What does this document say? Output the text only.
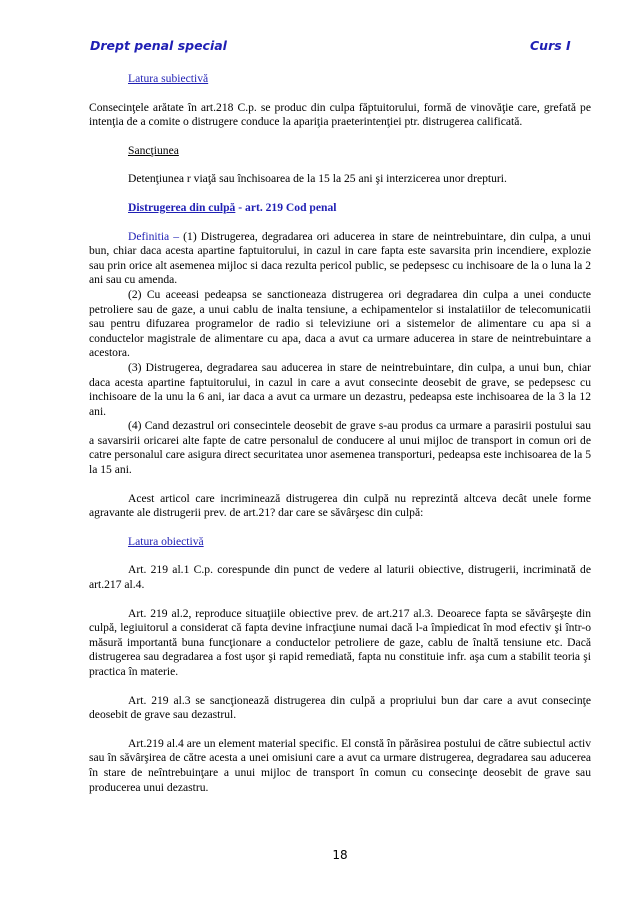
Drept penal special	Curs I

Latura subiectivă

Consecinţele arătate în art.218 C.p. se produc din culpa făptuitorului, formă de vinovăţie care, grefată pe intenţia de a comite o distrugere conduce la apariţia praeterintenţiei ptr. distrugerea calificată.

Sancţiunea

Detenţiunea r viaţă sau închisoarea de la 15 la 25 ani şi interzicerea unor drepturi.

Distrugerea din culpă - art. 219 Cod penal

Definitia – (1) Distrugerea, degradarea ori aducerea in stare de neintrebuintare, din culpa, a unui bun, chiar daca acesta apartine faptuitorului, in cazul in care fapta este savarsita prin incendiere, explozie sau prin orice alt asemenea mijloc si daca rezulta pericol public, se pedepsesc cu inchisoare de la o luna la 2 ani sau cu amenda.

(2) Cu aceeasi pedeapsa se sanctioneaza distrugerea ori degradarea din culpa a unei conducte petroliere sau de gaze, a unui cablu de inalta tensiune, a echipamentelor si instalatiilor de telecomunicatii sau pentru difuzarea programelor de radio si televiziune ori a sistemelor de alimentare cu apa si a conductelor magistrale de alimentare cu apa, daca a avut ca urmare aducerea in stare de neintrebuintare a acestora.

(3) Distrugerea, degradarea sau aducerea in stare de neintrebuintare, din culpa, a unui bun, chiar daca acesta apartine faptuitorului, in cazul in care a avut consecinte deosebit de grave, se pedepsesc cu inchisoare de la unu la 6 ani, iar daca a avut ca urmare un dezastru, pedeapsa este inchisoarea de la 3 la 12 ani.

(4) Cand dezastrul ori consecintele deosebit de grave s-au produs ca urmare a parasirii postului sau a savarsirii oricarei alte fapte de catre personalul de conducere al unui mijloc de transport in comun ori de catre personalul care asigura direct securitatea unor asemenea transporturi, pedeapsa este inchisoarea de la 5 la 15 ani.

Acest articol care incriminează distrugerea din culpă nu reprezintă altceva decât unele forme agravante ale distrugerii prev. de art.21? dar care se săvârşesc din culpă:

Latura obiectivă

Art. 219 al.1 C.p. corespunde din punct de vedere al laturii obiective, distrugerii, incriminată de art.217 al.4.

Art. 219 al.2, reproduce situaţiile obiective prev. de art.217 al.3. Deoarece fapta se săvârşeşte din culpă, legiuitorul a considerat că fapta devine infracţiune numai dacă l-a împiedicat în mod efectiv şi într-o măsură importantă buna funcţionare a conductelor petroliere de gaze, cablu de înaltă tensiune etc. Dacă distrugerea sau degradarea a fost uşor şi rapid remediată, fapta nu constituie infr. aşa cum a stabilit teoria şi practica în materie.

Art. 219 al.3 se sancţionează distrugerea din culpă a propriului bun dar care a avut consecinţe deosebit de grave sau dezastrul.

Art.219 al.4 are un element material specific. El constă în părăsirea postului de către subiectul activ sau în săvârşirea de către acesta a unei omisiuni care a avut ca urmare distrugerea, degradarea sau aducerea în stare de neîntrebuinţare a unui mijloc de transport în comun cu consecinţe deosebit de grave sau producerea unui dezastru.

18
